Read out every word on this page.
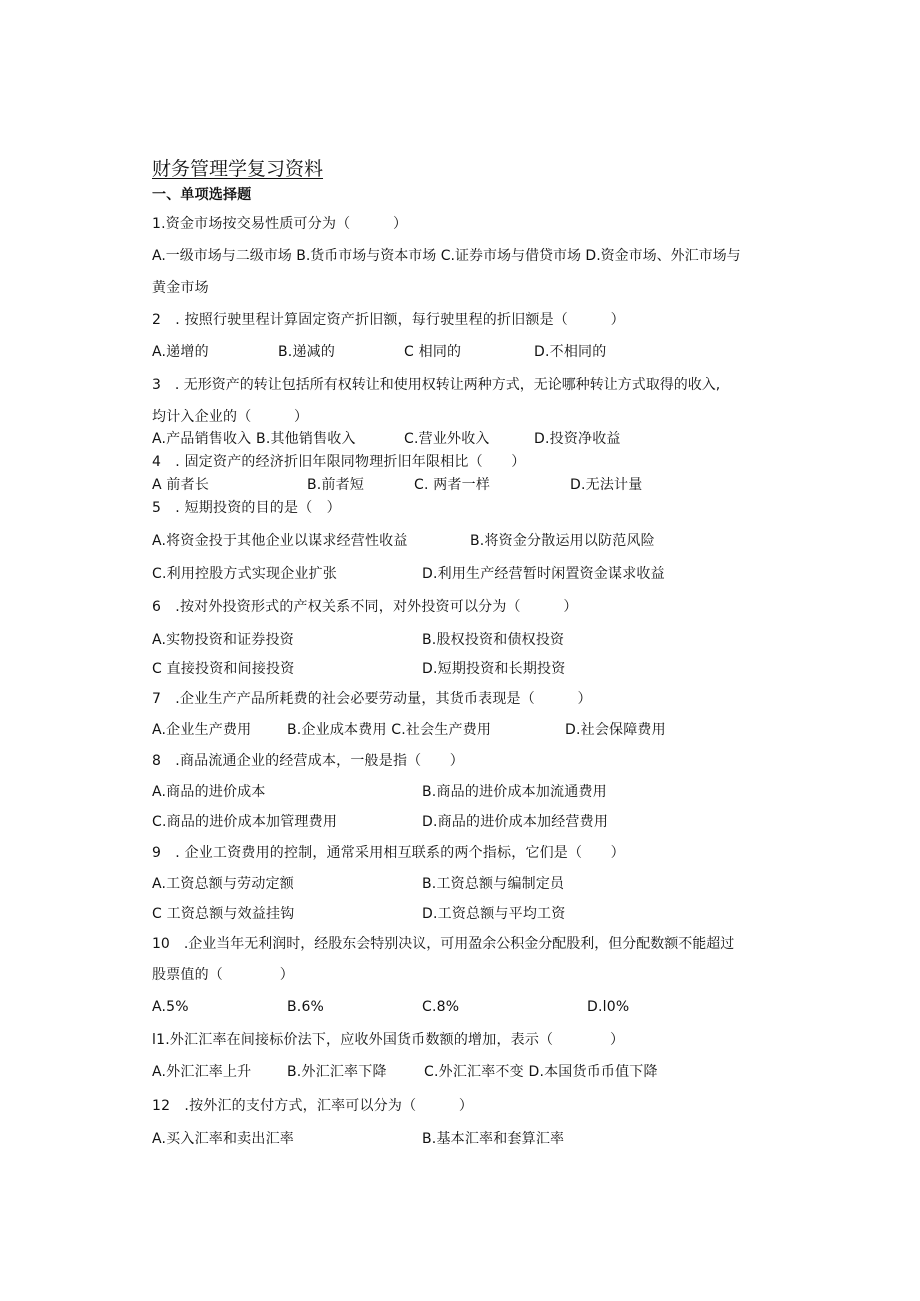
财务管理学复习资料
一、单项选择题
1.资金市场按交易性质可分为（　　　）
A.一级市场与二级市场 B.货币市场与资本市场 C.证券市场与借贷市场 D.资金市场、外汇市场与
黄金市场
2　. 按照行驶里程计算固定资产折旧额，每行驶里程的折旧额是（　　　）
A.递增的	B.递减的	C 相同的	D.不相同的
3　. 无形资产的转让包括所有权转让和使用权转让两种方式，无论哪种转让方式取得的收入,
均计入企业的（　　　）
A.产品销售收入 B.其他销售收入	C.营业外收入	D.投资净收益
4　. 固定资产的经济折旧年限同物理折旧年限相比（　　）
A 前者长	B.前者短	C. 两者一样	D.无法计量
5　. 短期投资的目的是（　）
A.将资金投于其他企业以谋求经营性收益	B.将资金分散运用以防范风险
C.利用控股方式实现企业扩张	D.利用生产经营暂时闲置资金谋求收益
6　.按对外投资形式的产权关系不同，对外投资可以分为（　　　）
A.实物投资和证券投资	B.股权投资和债权投资
C 直接投资和间接投资	D.短期投资和长期投资
7　.企业生产产品所耗费的社会必要劳动量，其货币表现是（　　　）
A.企业生产费用	B.企业成本费用 C.社会生产费用	D.社会保障费用
8　.商品流通企业的经营成本，一般是指（　　）
A.商品的进价成本	B.商品的进价成本加流通费用
C.商品的进价成本加管理费用	D.商品的进价成本加经营费用
9　. 企业工资费用的控制，通常采用相互联系的两个指标，它们是（　　）
A.工资总额与劳动定额	B.工资总额与编制定员
C 工资总额与效益挂钩	D.工资总额与平均工资
10　.企业当年无利润时，经股东会特别决议，可用盈余公积金分配股利，但分配数额不能超过
股票值的（　　　　）
A.5%	B.6%	C.8%	D.l0%
l1.外汇汇率在间接标价法下，应收外国货币数额的增加，表示（　　　　）
A.外汇汇率上升	B.外汇汇率下降	C.外汇汇率不变 D.本国货币币值下降
12　.按外汇的支付方式，汇率可以分为（　　　）
A.买入汇率和卖出汇率	B.基本汇率和套算汇率
